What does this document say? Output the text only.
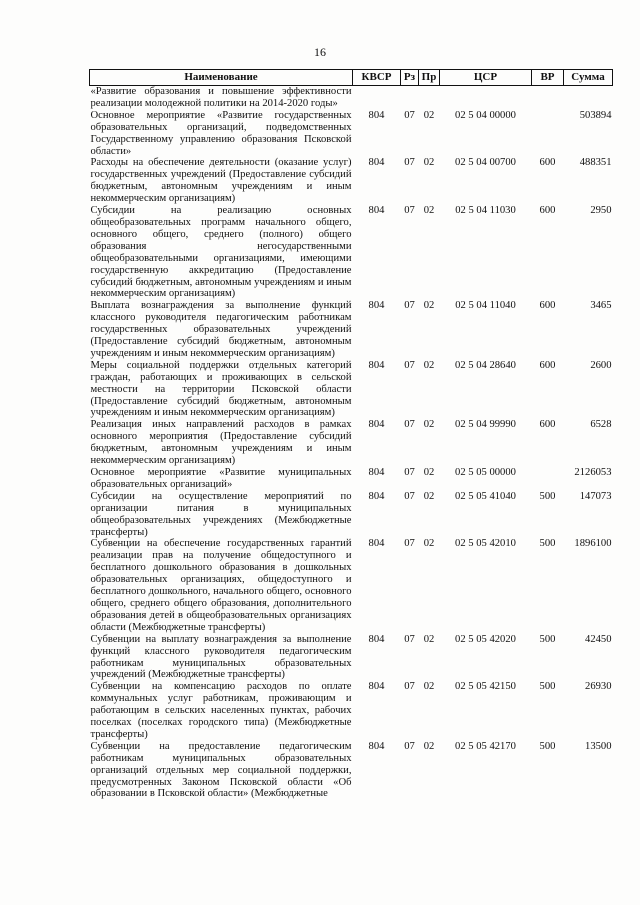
16
Наименование	КВСР	Рз	Пр	ЦСР	ВР	Сумма
«Развитие образования и повышение эффективности реализации молодежной политики на 2014-2020 годы»						
Основное мероприятие «Развитие государственных образовательных организаций, подведомственных Государственному управлению образования Псковской области»	804	07	02	02 5 04 00000		503894
Расходы на обеспечение деятельности (оказание услуг) государственных учреждений (Предоставление субсидий бюджетным, автономным учреждениям и иным некоммерческим организациям)	804	07	02	02 5 04 00700	600	488351
Субсидии на реализацию основных общеобразовательных программ начального общего, основного общего, среднего (полного) общего образования негосударственными общеобразовательными организациями, имеющими государственную аккредитацию (Предоставление субсидий бюджетным, автономным учреждениям и иным некоммерческим организациям)	804	07	02	02 5 04 11030	600	2950
Выплата вознаграждения за выполнение функций классного руководителя педагогическим работникам государственных образовательных учреждений (Предоставление субсидий бюджетным, автономным учреждениям и иным некоммерческим организациям)	804	07	02	02 5 04 11040	600	3465
Меры социальной поддержки отдельных категорий граждан, работающих и проживающих в сельской местности на территории Псковской области (Предоставление субсидий бюджетным, автономным учреждениям и иным некоммерческим организациям)	804	07	02	02 5 04 28640	600	2600
Реализация иных направлений расходов в рамках основного мероприятия (Предоставление субсидий бюджетным, автономным учреждениям и иным некоммерческим организациям)	804	07	02	02 5 04 99990	600	6528
Основное мероприятие «Развитие муниципальных образовательных организаций»	804	07	02	02 5 05 00000		2126053
Субсидии на осуществление мероприятий по организации питания в муниципальных общеобразовательных учреждениях (Межбюджетные трансферты)	804	07	02	02 5 05 41040	500	147073
Субвенции на обеспечение государственных гарантий реализации прав на получение общедоступного и бесплатного дошкольного образования в дошкольных образовательных организациях, общедоступного и бесплатного дошкольного, начального общего, основного общего, среднего общего образования, дополнительного образования детей в общеобразовательных организациях области (Межбюджетные трансферты)	804	07	02	02 5 05 42010	500	1896100
Субвенции на выплату вознаграждения за выполнение функций классного руководителя педагогическим работникам муниципальных образовательных учреждений (Межбюджетные трансферты)	804	07	02	02 5 05 42020	500	42450
Субвенции на компенсацию расходов по оплате коммунальных услуг работникам, проживающим и работающим в сельских населенных пунктах, рабочих поселках (поселках городского типа) (Межбюджетные трансферты)	804	07	02	02 5 05 42150	500	26930
Субвенции на предоставление педагогическим работникам муниципальных образовательных организаций отдельных мер социальной поддержки, предусмотренных Законом Псковской области «Об образовании в Псковской области» (Межбюджетные	804	07	02	02 5 05 42170	500	13500
